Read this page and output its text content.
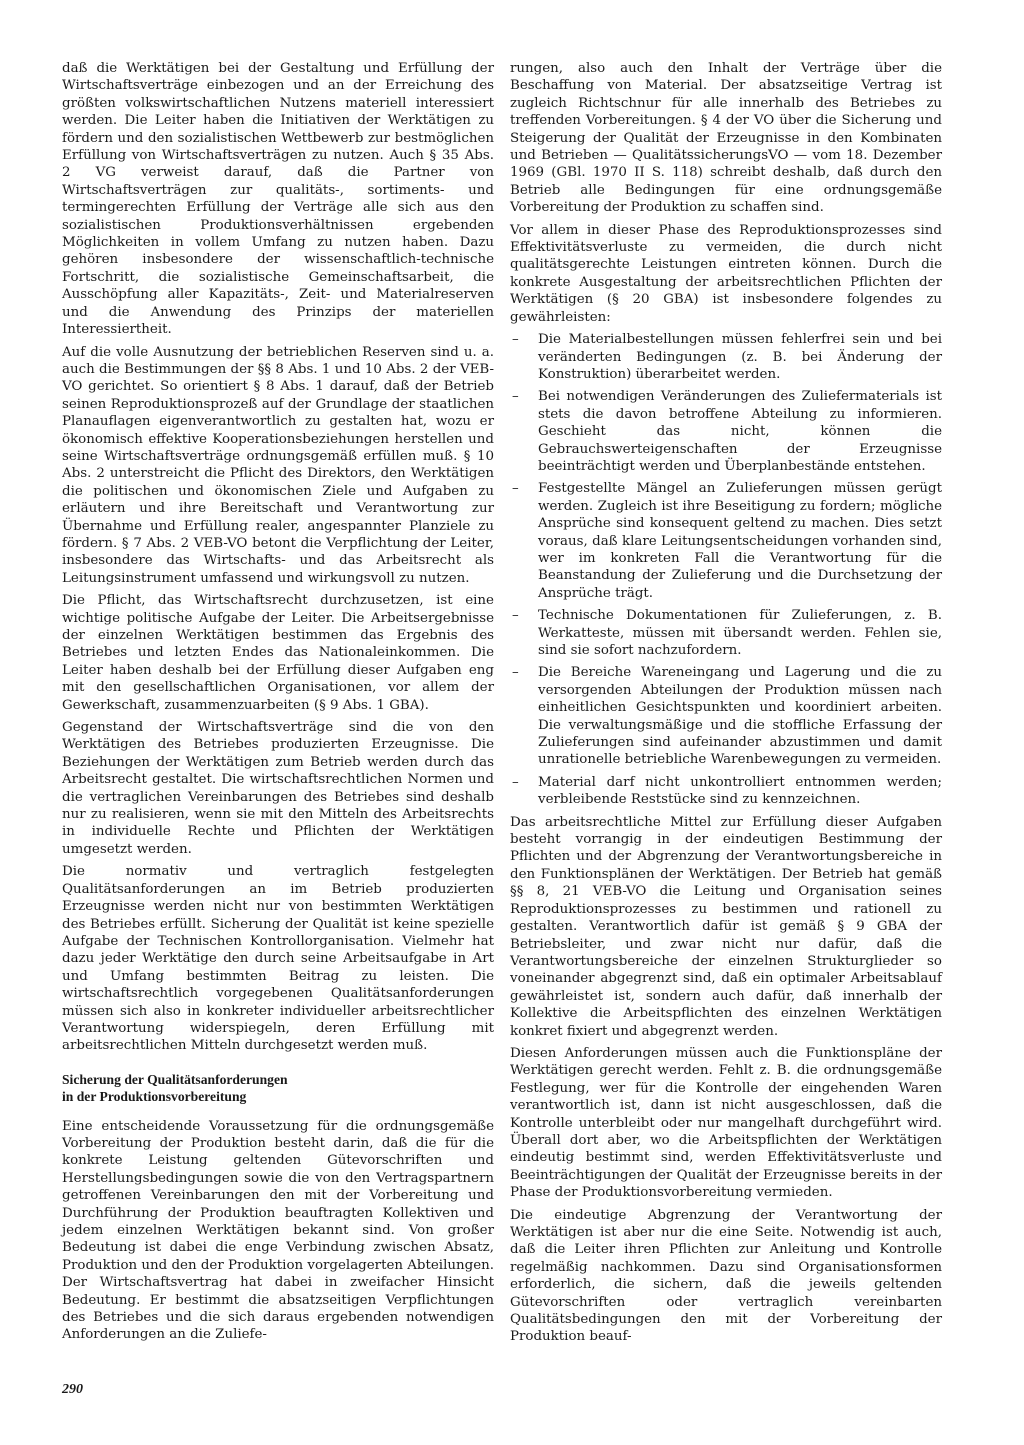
daß die Werktätigen bei der Gestaltung und Erfüllung der Wirtschaftsverträge einbezogen und an der Erreichung des größten volkswirtschaftlichen Nutzens materiell interessiert werden. Die Leiter haben die Initiativen der Werktätigen zu fördern und den sozialistischen Wettbewerb zur bestmöglichen Erfüllung von Wirtschaftsverträgen zu nutzen. Auch § 35 Abs. 2 VG verweist darauf, daß die Partner von Wirtschaftsverträgen zur qualitäts-, sortiments- und termingerechten Erfüllung der Verträge alle sich aus den sozialistischen Produktionsverhältnissen ergebenden Möglichkeiten in vollem Umfang zu nutzen haben. Dazu gehören insbesondere der wissenschaftlich-technische Fortschritt, die sozialistische Gemeinschaftsarbeit, die Ausschöpfung aller Kapazitäts-, Zeit- und Materialreserven und die Anwendung des Prinzips der materiellen Interessiertheit.

Auf die volle Ausnutzung der betrieblichen Reserven sind u. a. auch die Bestimmungen der §§ 8 Abs. 1 und 10 Abs. 2 der VEB-VO gerichtet. So orientiert § 8 Abs. 1 darauf, daß der Betrieb seinen Reproduktionsprozeß auf der Grundlage der staatlichen Planauflagen eigenverantwortlich zu gestalten hat, wozu er ökonomisch effektive Kooperationsbeziehungen herstellen und seine Wirtschaftsverträge ordnungsgemäß erfüllen muß. § 10 Abs. 2 unterstreicht die Pflicht des Direktors, den Werktätigen die politischen und ökonomischen Ziele und Aufgaben zu erläutern und ihre Bereitschaft und Verantwortung zur Übernahme und Erfüllung realer, angespannter Planziele zu fördern. § 7 Abs. 2 VEB-VO betont die Verpflichtung der Leiter, insbesondere das Wirtschafts- und das Arbeitsrecht als Leitungsinstrument umfassend und wirkungsvoll zu nutzen.

Die Pflicht, das Wirtschaftsrecht durchzusetzen, ist eine wichtige politische Aufgabe der Leiter. Die Arbeitsergebnisse der einzelnen Werktätigen bestimmen das Ergebnis des Betriebes und letzten Endes das Nationaleinkommen. Die Leiter haben deshalb bei der Erfüllung dieser Aufgaben eng mit den gesellschaftlichen Organisationen, vor allem der Gewerkschaft, zusammenzuarbeiten (§ 9 Abs. 1 GBA).

Gegenstand der Wirtschaftsverträge sind die von den Werktätigen des Betriebes produzierten Erzeugnisse. Die Beziehungen der Werktätigen zum Betrieb werden durch das Arbeitsrecht gestaltet. Die wirtschaftsrechtlichen Normen und die vertraglichen Vereinbarungen des Betriebes sind deshalb nur zu realisieren, wenn sie mit den Mitteln des Arbeitsrechts in individuelle Rechte und Pflichten der Werktätigen umgesetzt werden.

Die normativ und vertraglich festgelegten Qualitätsanforderungen an im Betrieb produzierten Erzeugnisse werden nicht nur von bestimmten Werktätigen des Betriebes erfüllt. Sicherung der Qualität ist keine spezielle Aufgabe der Technischen Kontrollorganisation. Vielmehr hat dazu jeder Werktätige den durch seine Arbeitsaufgabe in Art und Umfang bestimmten Beitrag zu leisten. Die wirtschaftsrechtlich vorgegebenen Qualitätsanforderungen müssen sich also in konkreter individueller arbeitsrechtlicher Verantwortung widerspiegeln, deren Erfüllung mit arbeitsrechtlichen Mitteln durchgesetzt werden muß.

Sicherung der Qualitätsanforderungen
in der Produktionsvorbereitung

Eine entscheidende Voraussetzung für die ordnungsgemäße Vorbereitung der Produktion besteht darin, daß die für die konkrete Leistung geltenden Gütevorschriften und Herstellungsbedingungen sowie die von den Vertragspartnern getroffenen Vereinbarungen den mit der Vorbereitung und Durchführung der Produktion beauftragten Kollektiven und jedem einzelnen Werktätigen bekannt sind. Von großer Bedeutung ist dabei die enge Verbindung zwischen Absatz, Produktion und den der Produktion vorgelagerten Abteilungen. Der Wirtschaftsvertrag hat dabei in zweifacher Hinsicht Bedeutung. Er bestimmt die absatzseitigen Verpflichtungen des Betriebes und die sich daraus ergebenden notwendigen Anforderungen an die Zuliefe-

rungen, also auch den Inhalt der Verträge über die Beschaffung von Material. Der absatzseitige Vertrag ist zugleich Richtschnur für alle innerhalb des Betriebes zu treffenden Vorbereitungen. § 4 der VO über die Sicherung und Steigerung der Qualität der Erzeugnisse in den Kombinaten und Betrieben — QualitätssicherungsVO — vom 18. Dezember 1969 (GBl. 1970 II S. 118) schreibt deshalb, daß durch den Betrieb alle Bedingungen für eine ordnungsgemäße Vorbereitung der Produktion zu schaffen sind.

Vor allem in dieser Phase des Reproduktionsprozesses sind Effektivitätsverluste zu vermeiden, die durch nicht qualitätsgerechte Leistungen eintreten können. Durch die konkrete Ausgestaltung der arbeitsrechtlichen Pflichten der Werktätigen (§ 20 GBA) ist insbesondere folgendes zu gewährleisten:

– Die Materialbestellungen müssen fehlerfrei sein und bei veränderten Bedingungen (z. B. bei Änderung der Konstruktion) überarbeitet werden.
– Bei notwendigen Veränderungen des Zuliefermaterials ist stets die davon betroffene Abteilung zu informieren. Geschieht das nicht, können die Gebrauchswerteigenschaften der Erzeugnisse beeinträchtigt werden und Überplanbestände entstehen.
– Festgestellte Mängel an Zulieferungen müssen gerügt werden. Zugleich ist ihre Beseitigung zu fordern; mögliche Ansprüche sind konsequent geltend zu machen. Dies setzt voraus, daß klare Leitungsentscheidungen vorhanden sind, wer im konkreten Fall die Verantwortung für die Beanstandung der Zulieferung und die Durchsetzung der Ansprüche trägt.
– Technische Dokumentationen für Zulieferungen, z. B. Werkatteste, müssen mit übersandt werden. Fehlen sie, sind sie sofort nachzufordern.
– Die Bereiche Wareneingang und Lagerung und die zu versorgenden Abteilungen der Produktion müssen nach einheitlichen Gesichtspunkten und koordiniert arbeiten. Die verwaltungsmäßige und die stoffliche Erfassung der Zulieferungen sind aufeinander abzustimmen und damit unrationelle betriebliche Warenbewegungen zu vermeiden.
– Material darf nicht unkontrolliert entnommen werden; verbleibende Reststücke sind zu kennzeichnen.

Das arbeitsrechtliche Mittel zur Erfüllung dieser Aufgaben besteht vorrangig in der eindeutigen Bestimmung der Pflichten und der Abgrenzung der Verantwortungsbereiche in den Funktionsplänen der Werktätigen. Der Betrieb hat gemäß §§ 8, 21 VEB-VO die Leitung und Organisation seines Reproduktionsprozesses zu bestimmen und rationell zu gestalten. Verantwortlich dafür ist gemäß § 9 GBA der Betriebsleiter, und zwar nicht nur dafür, daß die Verantwortungsbereiche der einzelnen Strukturglieder so voneinander abgegrenzt sind, daß ein optimaler Arbeitsablauf gewährleistet ist, sondern auch dafür, daß innerhalb der Kollektive die Arbeitspflichten des einzelnen Werktätigen konkret fixiert und abgegrenzt werden.

Diesen Anforderungen müssen auch die Funktionspläne der Werktätigen gerecht werden. Fehlt z. B. die ordnungsgemäße Festlegung, wer für die Kontrolle der eingehenden Waren verantwortlich ist, dann ist nicht ausgeschlossen, daß die Kontrolle unterbleibt oder nur mangelhaft durchgeführt wird. Überall dort aber, wo die Arbeitspflichten der Werktätigen eindeutig bestimmt sind, werden Effektivitätsverluste und Beeinträchtigungen der Qualität der Erzeugnisse bereits in der Phase der Produktionsvorbereitung vermieden.

Die eindeutige Abgrenzung der Verantwortung der Werktätigen ist aber nur die eine Seite. Notwendig ist auch, daß die Leiter ihren Pflichten zur Anleitung und Kontrolle regelmäßig nachkommen. Dazu sind Organisationsformen erforderlich, die sichern, daß die jeweils geltenden Gütevorschriften oder vertraglich vereinbarten Qualitätsbedingungen den mit der Vorbereitung der Produktion beauf-

290
